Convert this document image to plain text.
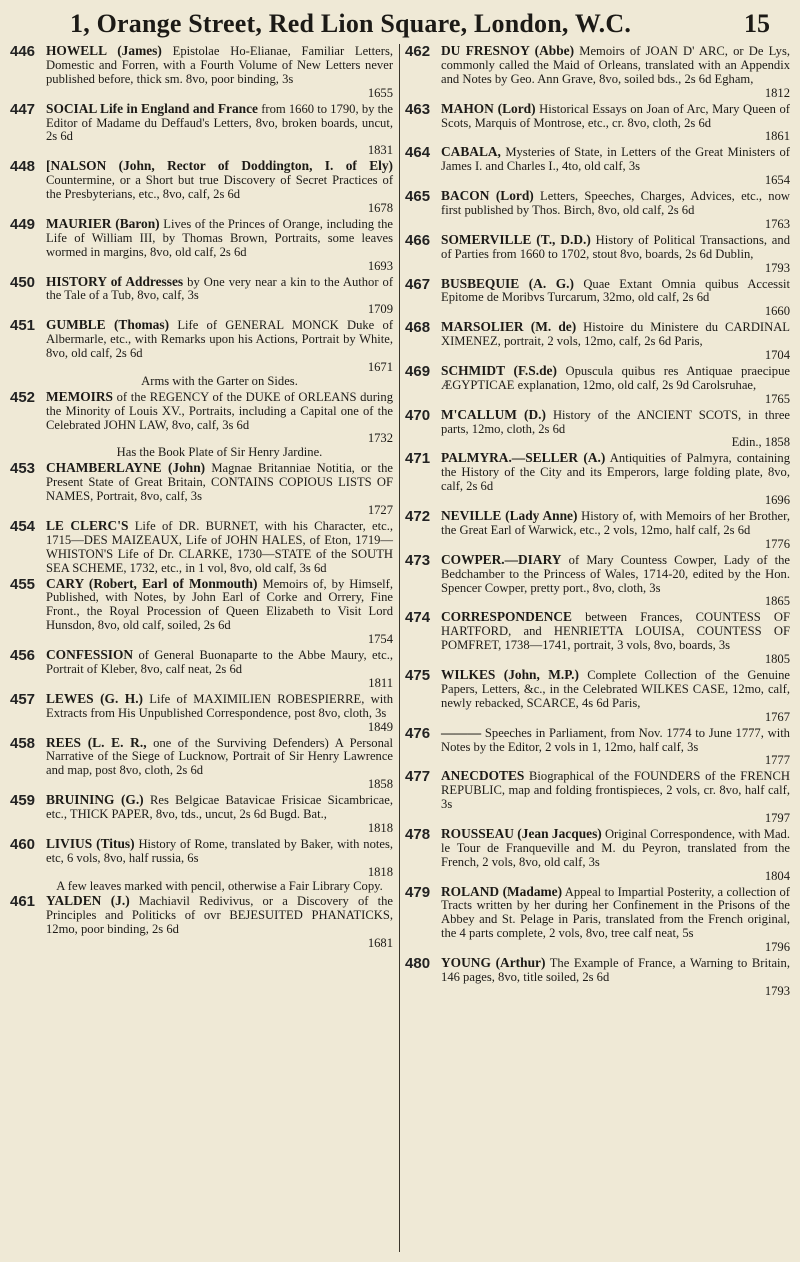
1, Orange Street, Red Lion Square, London, W.C.	15
446 HOWELL (James) Epistolae Ho-Elianae, Familiar Letters, Domestic and Forren, with a Fourth Volume of New Letters never published before, thick sm. 8vo, poor binding, 3s
1655
447 SOCIAL Life in England and France from 1660 to 1790, by the Editor of Madame du Deffaud's Letters, 8vo, broken boards, uncut, 2s 6d
1831
448 [NALSON (John, Rector of Doddington, I. of Ely) Countermine, or a Short but true Discovery of Secret Practices of the Presbyterians, etc., 8vo, calf, 2s 6d
1678
449 MAURIER (Baron) Lives of the Princes of Orange, including the Life of William III, by Thomas Brown, Portraits, some leaves wormed in margins, 8vo, old calf, 2s 6d
1693
450 HISTORY of Addresses by One very near a kin to the Author of the Tale of a Tub, 8vo, calf, 3s
1709
451 GUMBLE (Thomas) Life of GENERAL MONCK Duke of Albermarle, etc., with Remarks upon his Actions, Portrait by White, 8vo, old calf, 2s 6d
1671
Arms with the Garter on Sides.
452 MEMOIRS of the REGENCY of the DUKE of ORLEANS during the Minority of Louis XV., Portraits, including a Capital one of the Celebrated JOHN LAW, 8vo, calf, 3s 6d
1732
Has the Book Plate of Sir Henry Jardine.
453 CHAMBERLAYNE (John) Magnae Britanniae Notitia, or the Present State of Great Britain, CONTAINS COPIOUS LISTS OF NAMES, Portrait, 8vo, calf, 3s
1727
454 LE CLERC'S Life of DR. BURNET, with his Character, etc., 1715—DES MAIZEAUX, Life of JOHN HALES, of Eton, 1719—WHISTON'S Life of Dr. CLARKE, 1730—STATE of the SOUTH SEA SCHEME, 1732, etc., in 1 vol, 8vo, old calf, 3s 6d
455 CARY (Robert, Earl of Monmouth) Memoirs of, by Himself, Published, with Notes, by John Earl of Corke and Orrery, Fine Front., the Royal Procession of Queen Elizabeth to Visit Lord Hunsdon, 8vo, old calf, soiled, 2s 6d
1754
456 CONFESSION of General Buonaparte to the Abbe Maury, etc., Portrait of Kleber, 8vo, calf neat, 2s 6d
1811
457 LEWES (G. H.) Life of MAXIMILIEN ROBESPIERRE, with Extracts from His Unpublished Correspondence, post 8vo, cloth, 3s
1849
458 REES (L. E. R., one of the Surviving Defenders) A Personal Narrative of the Siege of Lucknow, Portrait of Sir Henry Lawrence and map, post 8vo, cloth, 2s 6d
1858
459 BRUINING (G.) Res Belgicae Batavicae Frisicae Sicambricae, etc., THICK PAPER, 8vo, tds., uncut, 2s 6d Bugd. Bat.,
1818
460 LIVIUS (Titus) History of Rome, translated by Baker, with notes, etc, 6 vols, 8vo, half russia, 6s
1818
A few leaves marked with pencil, otherwise a Fair Library Copy.
461 YALDEN (J.) Machiavil Redivivus, or a Discovery of the Principles and Politicks of ovr BEJESUITED PHANATICKS, 12mo, poor binding, 2s 6d
1681
462 DU FRESNOY (Abbe) Memoirs of JOAN D' ARC, or De Lys, commonly called the Maid of Orleans, translated with an Appendix and Notes by Geo. Ann Grave, 8vo, soiled bds., 2s 6d Egham,
1812
463 MAHON (Lord) Historical Essays on Joan of Arc, Mary Queen of Scots, Marquis of Montrose, etc., cr. 8vo, cloth, 2s 6d
1861
464 CABALA, Mysteries of State, in Letters of the Great Ministers of James I. and Charles I., 4to, old calf, 3s
1654
465 BACON (Lord) Letters, Speeches, Charges, Advices, etc., now first published by Thos. Birch, 8vo, old calf, 2s 6d
1763
466 SOMERVILLE (T., D.D.) History of Political Transactions, and of Parties from 1660 to 1702, stout 8vo, boards, 2s 6d Dublin,
1793
467 BUSBEQUIE (A. G.) Quae Extant Omnia quibus Accessit Epitome de Moribvs Turcarum, 32mo, old calf, 2s 6d
1660
468 MARSOLIER (M. de) Histoire du Ministere du CARDINAL XIMENEZ, portrait, 2 vols, 12mo, calf, 2s 6d Paris,
1704
469 SCHMIDT (F.S.de) Opuscula quibus res Antiquae praecipue ÆGYPTICAE explanation, 12mo, old calf, 2s 9d Carolsruhae,
1765
470 M'CALLUM (D.) History of the ANCIENT SCOTS, in three parts, 12mo, cloth, 2s 6d
Edin., 1858
471 PALMYRA.—SELLER (A.) Antiquities of Palmyra, containing the History of the City and its Emperors, large folding plate, 8vo, calf, 2s 6d
1696
472 NEVILLE (Lady Anne) History of, with Memoirs of her Brother, the Great Earl of Warwick, etc., 2 vols, 12mo, half calf, 2s 6d
1776
473 COWPER.—DIARY of Mary Countess Cowper, Lady of the Bedchamber to the Princess of Wales, 1714-20, edited by the Hon. Spencer Cowper, pretty port., 8vo, cloth, 3s
1865
474 CORRESPONDENCE between Frances, COUNTESS OF HARTFORD, and HENRIETTA LOUISA, COUNTESS OF POMFRET, 1738—1741, portrait, 3 vols, 8vo, boards, 3s
1805
475 WILKES (John, M.P.) Complete Collection of the Genuine Papers, Letters, &c., in the Celebrated WILKES CASE, 12mo, calf, newly rebacked, SCARCE, 4s 6d Paris,
1767
476 ——— Speeches in Parliament, from Nov. 1774 to June 1777, with Notes by the Editor, 2 vols in 1, 12mo, half calf, 3s
1777
477 ANECDOTES Biographical of the FOUNDERS of the FRENCH REPUBLIC, map and folding frontispieces, 2 vols, cr. 8vo, half calf, 3s
1797
478 ROUSSEAU (Jean Jacques) Original Correspondence, with Mad. le Tour de Franqueville and M. du Peyron, translated from the French, 2 vols, 8vo, old calf, 3s
1804
479 ROLAND (Madame) Appeal to Impartial Posterity, a collection of Tracts written by her during her Confinement in the Prisons of the Abbey and St. Pelage in Paris, translated from the French original, the 4 parts complete, 2 vols, 8vo, tree calf neat, 5s
1796
480 YOUNG (Arthur) The Example of France, a Warning to Britain, 146 pages, 8vo, title soiled, 2s 6d
1793
